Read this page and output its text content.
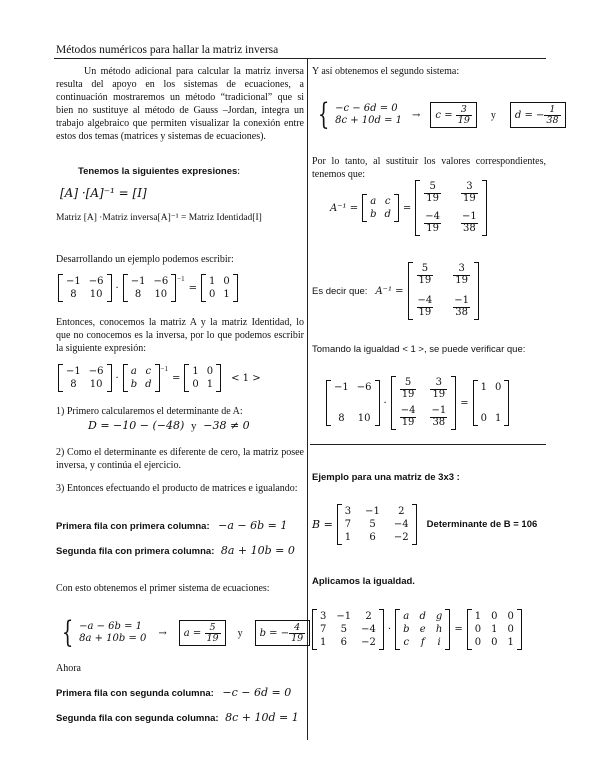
Métodos numéricos para hallar la matriz inversa
Un método adicional para calcular la matriz inversa resulta del apoyo en los sistemas de ecuaciones, a continuación mostraremos un método “tradicional” que si bien no sustituye al método de Gauss –Jordan, integra un trabajo algebraico que permiten visualizar la conexión entre estos dos temas (matrices y sistemas de ecuaciones).
Tenemos la siguientes expresiones:
[A] ·[A]⁻¹ = [I]
Matriz [A] ·Matriz inversa[A]⁻¹ = Matriz Identidad[I]
Desarrollando un ejemplo podemos escribir:
−1 −6
8 10
·
−1 −6
8 10
−1
=
1 0
0 1
Entonces, conocemos la matriz A y la matriz Identidad, lo que no conocemos es la inversa, por lo que podemos escribir la siguiente expresión:
−1 −6
8 10
·
a c
b d
−1
=
1 0
0 1
< 1 >
1) Primero calcularemos el determinante de A:
D = −10 − (−48) y −38 ≠ 0
2) Como el determinante es diferente de cero, la matriz posee inversa, y continúa el ejercicio.
3) Entonces efectuando el producto de matrices e igualando:
Primera fila con primera columna: −a − 6b = 1
Segunda fila con primera columna: 8a + 10b = 0
Con esto obtenemos el primer sistema de ecuaciones:
{ −a − 6b = 1
8a + 10b = 0 → a =
$\frac{5}{19}$ y b = − $\frac{4}{19}$
Ahora
Primera fila con segunda columna: −c − 6d = 0
Segunda fila con segunda columna: 8c + 10d = 1
Y así obtenemos el segundo sistema:
{ −c − 6d = 0
8c + 10d = 1 → c =
$\frac{3}{19}$ y d = − $\frac{1}{38}$
Por lo tanto, al sustituir los valores correspondientes, tenemos que:
A⁻¹ =
a c
b d
=
$\frac{5}{19} \frac{3}{19}$
$\frac{-4}{19} \frac{-1}{38}$
Es decir que: A⁻¹ =
$\frac{5}{19} \frac{3}{19}$
$\frac{-4}{19} \frac{-1}{38}$
Tomando la igualdad < 1 >, se puede verificar que:
−1 −6
8 10
·
$\frac{5}{19} \frac{3}{19}$
$\frac{-4}{19} \frac{-1}{38}$
=
1 0
0 1
Ejemplo para una matriz de 3x3 :
B =
3 −1 2
7 5 −4
1 6 −2
Determinante de B = 106
Aplicamos la igualdad.
3 −1 2
7 5 −4
1 6 −2
·
a d g
b e h
c f i
=
1 0 0
0 1 0
0 0 1
